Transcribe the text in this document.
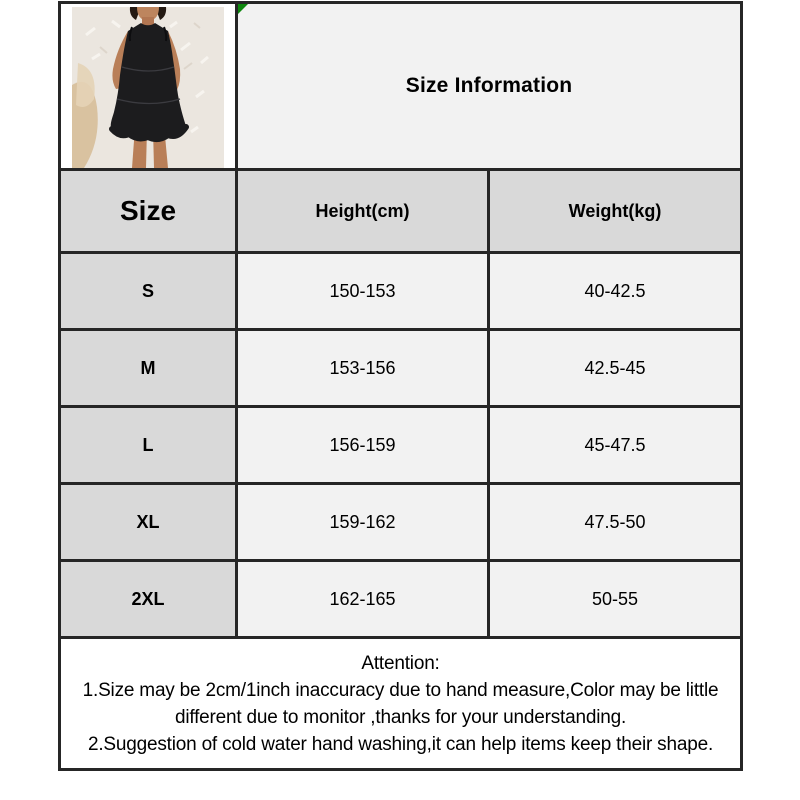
Size Information	
Size	Height(cm)	Weight(kg)
S	150-153	40-42.5
M	153-156	42.5-45
L	156-159	45-47.5
XL	159-162	47.5-50
2XL	162-165	50-55

Attention:
1.Size may be 2cm/1inch inaccuracy due to hand measure,Color may be little different due to monitor ,thanks for your understanding.
2.Suggestion of cold water hand washing,it can help items keep their shape.		
